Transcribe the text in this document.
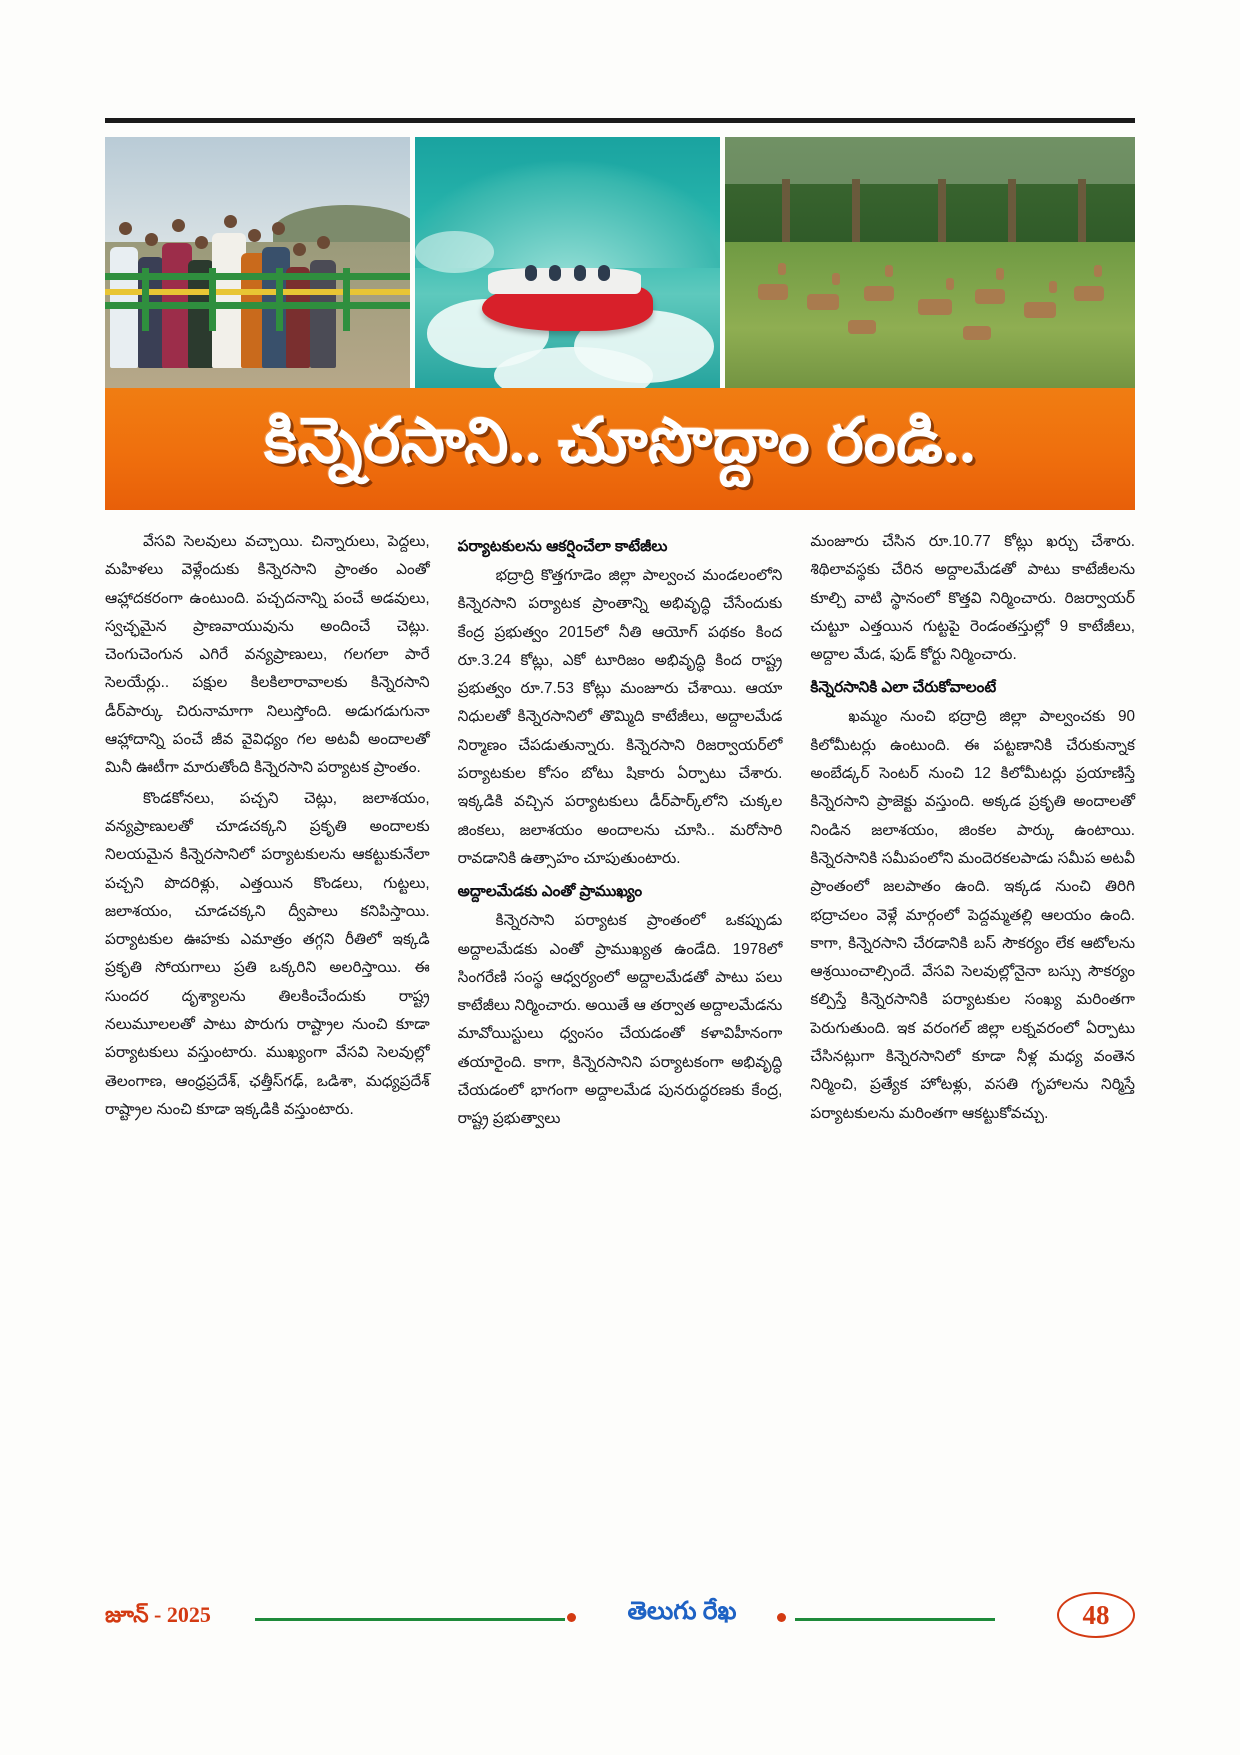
కిన్నెరసాని.. చూసొద్దాం రండి..

వేసవి సెలవులు వచ్చాయి. చిన్నారులు, పెద్దలు, మహిళలు వెళ్లేందుకు కిన్నెరసాని ప్రాంతం ఎంతో ఆహ్లాదకరంగా ఉంటుంది. పచ్చదనాన్ని పంచే అడవులు, స్వచ్ఛమైన ప్రాణవాయువును అందించే చెట్లు. చెంగుచెంగున ఎగిరే వన్యప్రాణులు, గలగలా పారే సెలయేర్లు.. పక్షుల కిలకిలారావాలకు కిన్నెరసాని డీర్‌పార్కు చిరునామాగా నిలుస్తోంది. అడుగడుగునా ఆహ్లాదాన్ని పంచే జీవ వైవిధ్యం గల అటవీ అందాలతో మినీ ఊటీగా మారుతోంది కిన్నెరసాని పర్యాటక ప్రాంతం.

కొండకోనలు, పచ్చని చెట్లు, జలాశయం, వన్యప్రాణులతో చూడచక్కని ప్రకృతి అందాలకు నిలయమైన కిన్నెరసానిలో పర్యాటకులను ఆకట్టుకునేలా పచ్చని పొదరిళ్లు, ఎత్తయిన కొండలు, గుట్టలు, జలాశయం, చూడచక్కని ద్వీపాలు కనిపిస్తాయి. పర్యాటకుల ఊహకు ఎమాత్రం తగ్గని రీతిలో ఇక్కడి ప్రకృతి సోయగాలు ప్రతి ఒక్కరిని అలరిస్తాయి. ఈ సుందర దృశ్యాలను తిలకించేందుకు రాష్ట్ర నలుమూలలతో పాటు పొరుగు రాష్ట్రాల నుంచి కూడా పర్యాటకులు వస్తుంటారు. ముఖ్యంగా వేసవి సెలవుల్లో తెలంగాణ, ఆంధ్రప్రదేశ్, ఛత్తీస్‌గఢ్, ఒడిశా, మధ్యప్రదేశ్ రాష్ట్రాల నుంచి కూడా ఇక్కడికి వస్తుంటారు.

పర్యాటకులను ఆకర్షించేలా కాటేజీలు

భద్రాద్రి కొత్తగూడెం జిల్లా పాల్వంచ మండలంలోని కిన్నెరసాని పర్యాటక ప్రాంతాన్ని అభివృద్ధి చేసేందుకు కేంద్ర ప్రభుత్వం 2015లో నీతి ఆయోగ్ పథకం కింద రూ.3.24 కోట్లు, ఎకో టూరిజం అభివృద్ధి కింద రాష్ట్ర ప్రభుత్వం రూ.7.53 కోట్లు మంజూరు చేశాయి. ఆయా నిధులతో కిన్నెరసానిలో తొమ్మిది కాటేజీలు, అద్దాలమేడ నిర్మాణం చేపడుతున్నారు. కిన్నెరసాని రిజర్వాయర్‌లో పర్యాటకుల కోసం బోటు షికారు ఏర్పాటు చేశారు. ఇక్కడికి వచ్చిన పర్యాటకులు డీర్‌పార్క్‌లోని చుక్కల జింకలు, జలాశయం అందాలను చూసి.. మరోసారి రావడానికి ఉత్సాహం చూపుతుంటారు.

అద్దాలమేడకు ఎంతో ప్రాముఖ్యం

కిన్నెరసాని పర్యాటక ప్రాంతంలో ఒకప్పుడు అద్దాలమేడకు ఎంతో ప్రాముఖ్యత ఉండేది. 1978లో సింగరేణి సంస్థ ఆధ్వర్యంలో అద్దాలమేడతో పాటు పలు కాటేజీలు నిర్మించారు. అయితే ఆ తర్వాత అద్దాలమేడను మావోయిస్టులు ధ్వంసం చేయడంతో కళావిహీనంగా తయారైంది. కాగా, కిన్నెరసానిని పర్యాటకంగా అభివృద్ధి చేయడంలో భాగంగా అద్దాలమేడ పునరుద్ధరణకు కేంద్ర, రాష్ట్ర ప్రభుత్వాలు

మంజూరు చేసిన రూ.10.77 కోట్లు ఖర్చు చేశారు. శిథిలావస్థకు చేరిన అద్దాలమేడతో పాటు కాటేజీలను కూల్చి వాటి స్థానంలో కొత్తవి నిర్మించారు. రిజర్వాయర్ చుట్టూ ఎత్తయిన గుట్టపై రెండంతస్తుల్లో 9 కాటేజీలు, అద్దాల మేడ, ఫుడ్ కోర్టు నిర్మించారు.

కిన్నెరసానికి ఎలా చేరుకోవాలంటే

ఖమ్మం నుంచి భద్రాద్రి జిల్లా పాల్వంచకు 90 కిలోమీటర్లు ఉంటుంది. ఈ పట్టణానికి చేరుకున్నాక అంబేడ్కర్ సెంటర్ నుంచి 12 కిలోమీటర్లు ప్రయాణిస్తే కిన్నెరసాని ప్రాజెక్టు వస్తుంది. అక్కడ ప్రకృతి అందాలతో నిండిన జలాశయం, జింకల పార్కు ఉంటాయి. కిన్నెరసానికి సమీపంలోని మందెరకలపాడు సమీప అటవీ ప్రాంతంలో జలపాతం ఉంది. ఇక్కడ నుంచి తిరిగి భద్రాచలం వెళ్లే మార్గంలో పెద్దమ్మతల్లి ఆలయం ఉంది. కాగా, కిన్నెరసాని చేరడానికి బస్ సౌకర్యం లేక ఆటోలను ఆశ్రయించాల్సిందే. వేసవి సెలవుల్లోనైనా బస్సు సౌకర్యం కల్పిస్తే కిన్నెరసానికి పర్యాటకుల సంఖ్య మరింతగా పెరుగుతుంది. ఇక వరంగల్ జిల్లా లక్నవరంలో ఏర్పాటు చేసినట్లుగా కిన్నెరసానిలో కూడా నీళ్ల మధ్య వంతెన నిర్మించి, ప్రత్యేక హోటళ్లు, వసతి గృహాలను నిర్మిస్తే పర్యాటకులను మరింతగా ఆకట్టుకోవచ్చు.

జూన్ - 2025	తెలుగు రేఖ	48
